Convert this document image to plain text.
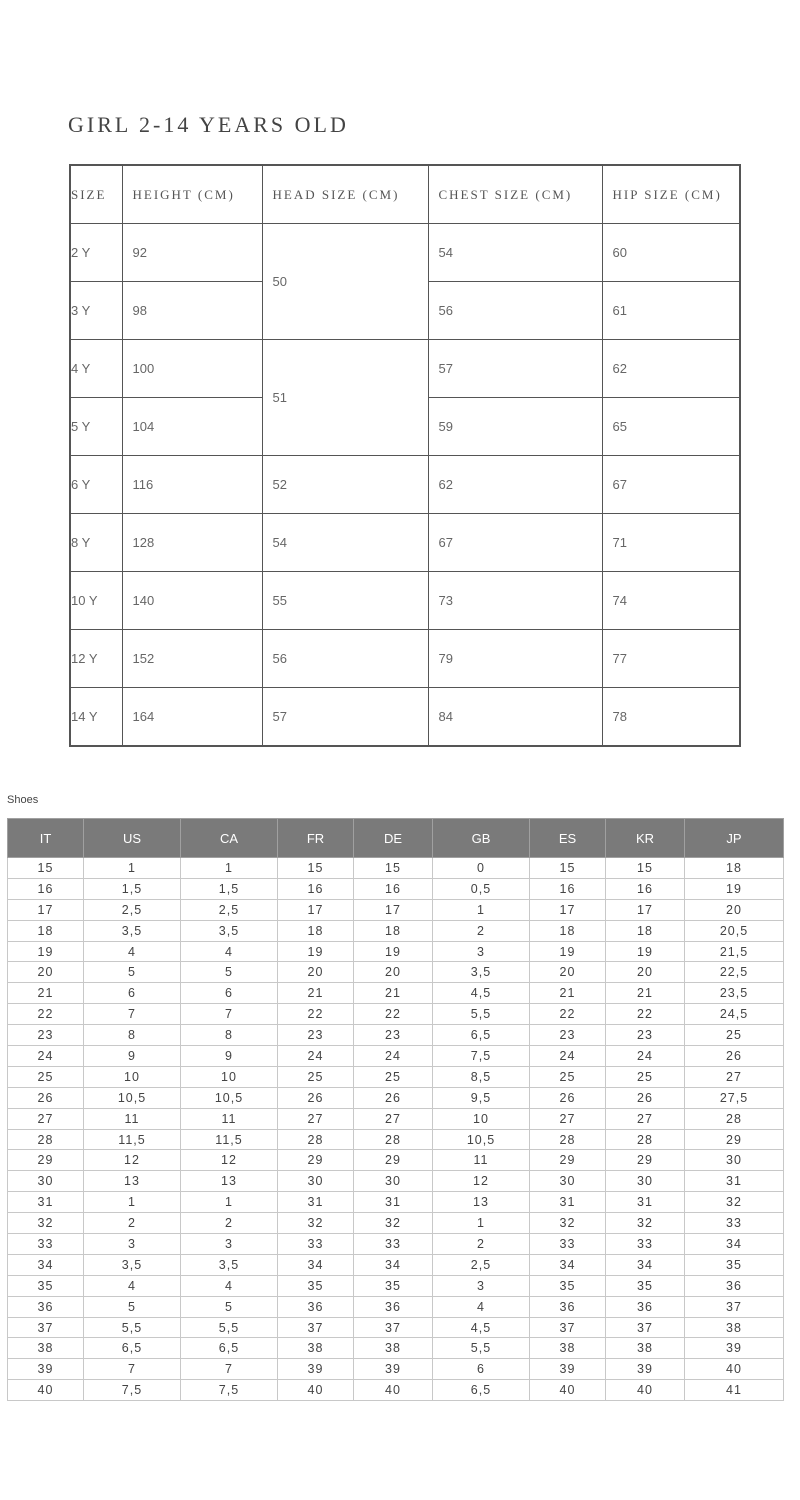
GIRL 2-14 YEARS OLD
SIZE	HEIGHT (CM)	HEAD SIZE (CM)	CHEST SIZE (CM)	HIP SIZE (CM)
2 Y	92	50	54	60
3 Y	98		56	61
4 Y	100	51	57	62
5 Y	104		59	65
6 Y	116	52	62	67
8 Y	128	54	67	71
10 Y	140	55	73	74
12 Y	152	56	79	77
14 Y	164	57	84	78
Shoes
IT	US	CA	FR	DE	GB	ES	KR	JP
15	1	1	15	15	0	15	15	18
16	1,5	1,5	16	16	0,5	16	16	19
17	2,5	2,5	17	17	1	17	17	20
18	3,5	3,5	18	18	2	18	18	20,5
19	4	4	19	19	3	19	19	21,5
20	5	5	20	20	3,5	20	20	22,5
21	6	6	21	21	4,5	21	21	23,5
22	7	7	22	22	5,5	22	22	24,5
23	8	8	23	23	6,5	23	23	25
24	9	9	24	24	7,5	24	24	26
25	10	10	25	25	8,5	25	25	27
26	10,5	10,5	26	26	9,5	26	26	27,5
27	11	11	27	27	10	27	27	28
28	11,5	11,5	28	28	10,5	28	28	29
29	12	12	29	29	11	29	29	30
30	13	13	30	30	12	30	30	31
31	1	1	31	31	13	31	31	32
32	2	2	32	32	1	32	32	33
33	3	3	33	33	2	33	33	34
34	3,5	3,5	34	34	2,5	34	34	35
35	4	4	35	35	3	35	35	36
36	5	5	36	36	4	36	36	37
37	5,5	5,5	37	37	4,5	37	37	38
38	6,5	6,5	38	38	5,5	38	38	39
39	7	7	39	39	6	39	39	40
40	7,5	7,5	40	40	6,5	40	40	41
